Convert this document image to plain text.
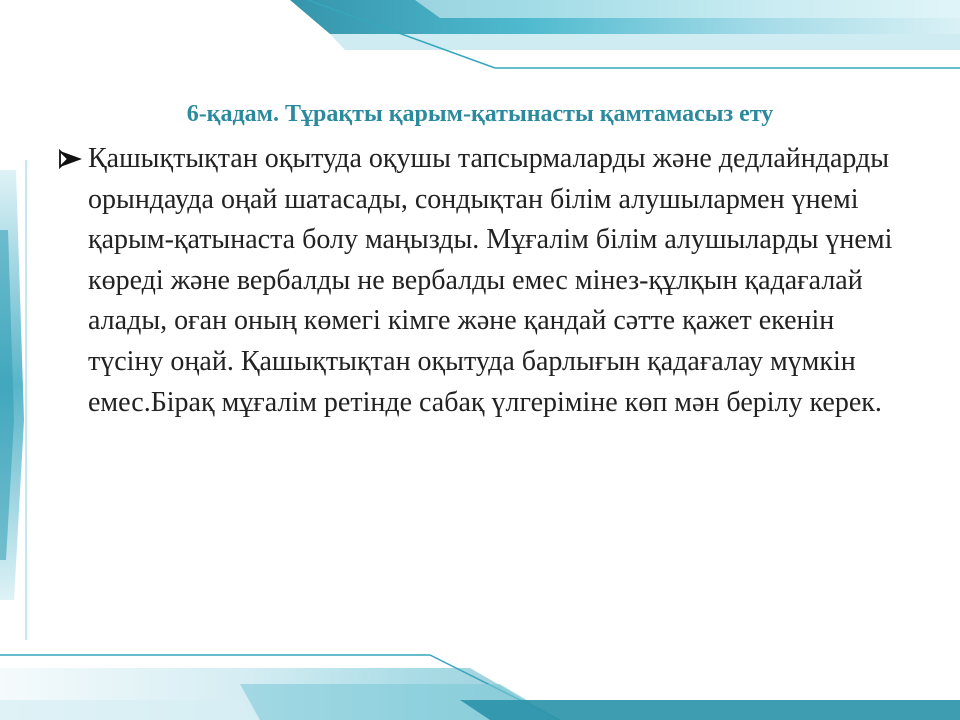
6-қадам. Тұрақты қарым-қатынасты қамтамасыз ету

Қашықтықтан оқытуда оқушы тапсырмаларды және дедлайндарды орындауда оңай шатасады, сондықтан білім алушылармен үнемі қарым-қатынаста болу маңызды. Мұғалім білім алушыларды үнемі көреді және вербалды не вербалды емес мінез-құлқын қадағалай алады, оған оның көмегі кімге және қандай сәтте қажет екенін түсіну оңай. Қашықтықтан оқытуда барлығын қадағалау мүмкін емес.Бірақ мұғалім ретінде сабақ үлгеріміне көп мән берілу керек.
